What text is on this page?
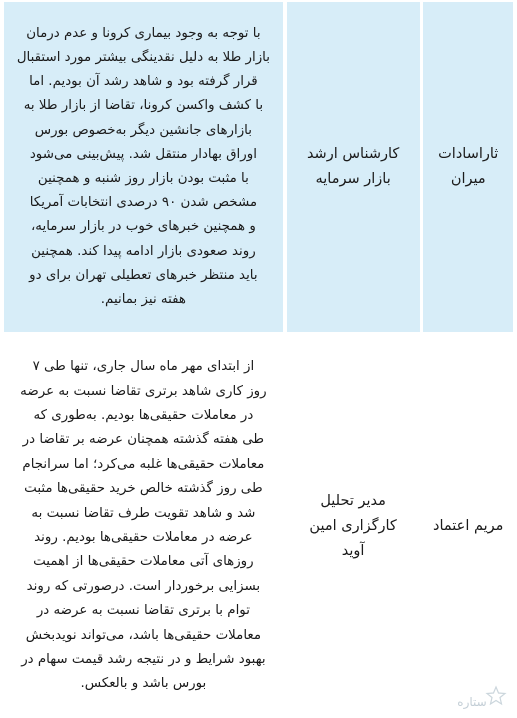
ثاراسادات
میران
کارشناس ارشد
بازار سرمایه
با توجه به وجود بیماری کرونا و عدم درمان
بازار طلا به دلیل نقدینگی بیشتر مورد استقبال
قرار گرفته بود و شاهد رشد آن بودیم. اما
با کشف واکسن کرونا، تقاضا از بازار طلا به
بازارهای جانشین دیگر به‌خصوص بورس
اوراق بهادار منتقل شد. پیش‌بینی می‌شود
با مثبت بودن بازار روز شنبه و همچنین
مشخص شدن ۹۰ درصدی انتخابات آمریکا
و همچنین خبرهای خوب در بازار سرمایه،
روند صعودی بازار ادامه پیدا کند. همچنین
باید منتظر خبرهای تعطیلی تهران برای دو
هفته نیز بمانیم.
مریم اعتماد
مدیر تحلیل
کارگزاری امین
آوید
از ابتدای مهر ماه سال جاری، تنها طی ۷
روز کاری شاهد برتری تقاضا نسبت به عرضه
در معاملات حقیقی‌ها بودیم. به‌طوری که
طی هفته گذشته همچنان عرضه بر تقاضا در
معاملات حقیقی‌ها غلبه می‌کرد؛ اما سرانجام
طی روز گذشته خالص خرید حقیقی‌ها مثبت
شد و شاهد تقویت طرف تقاضا نسبت به
عرضه در معاملات حقیقی‌ها بودیم. روند
روزهای آتی معاملات حقیقی‌ها از اهمیت
بسزایی برخوردار است. درصورتی که روند
توام با برتری تقاضا نسبت به عرضه در
معاملات حقیقی‌ها باشد، می‌تواند نویدبخش
بهبود شرایط و در نتیجه رشد قیمت سهام در
بورس باشد و بالعکس.
ستاره
